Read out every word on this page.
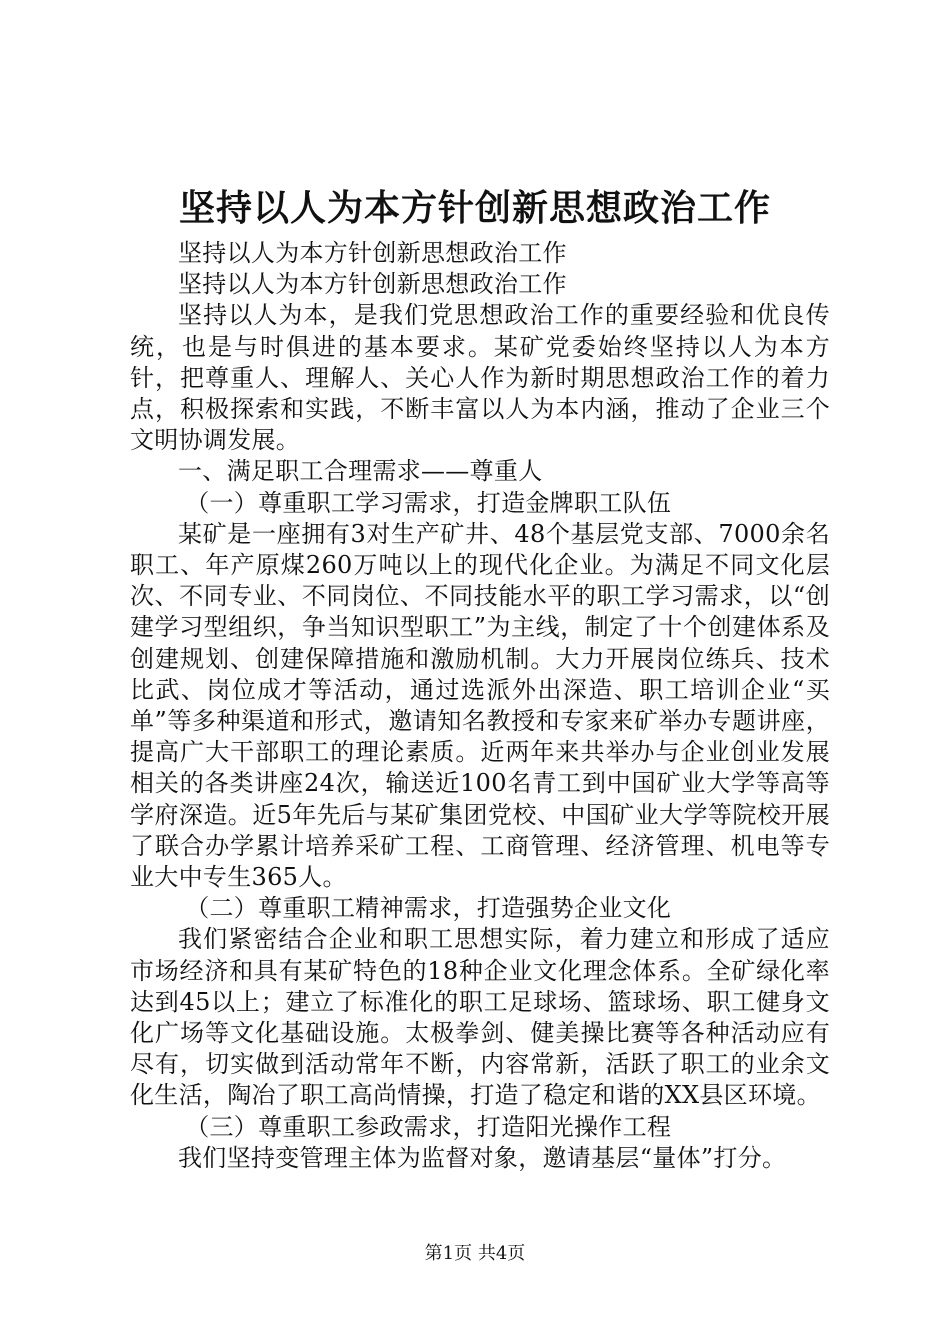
坚持以人为本方针创新思想政治工作

坚持以人为本方针创新思想政治工作

坚持以人为本方针创新思想政治工作

坚持以人为本，是我们党思想政治工作的重要经验和优良传统，也是与时俱进的基本要求。某矿党委始终坚持以人为本方针，把尊重人、理解人、关心人作为新时期思想政治工作的着力点，积极探索和实践，不断丰富以人为本内涵，推动了企业三个文明协调发展。

一、满足职工合理需求——尊重人

（一）尊重职工学习需求，打造金牌职工队伍

某矿是一座拥有3对生产矿井、48个基层党支部、7000余名职工、年产原煤260万吨以上的现代化企业。为满足不同文化层次、不同专业、不同岗位、不同技能水平的职工学习需求，以“创建学习型组织，争当知识型职工”为主线，制定了十个创建体系及创建规划、创建保障措施和激励机制。大力开展岗位练兵、技术比武、岗位成才等活动，通过选派外出深造、职工培训企业“买单”等多种渠道和形式，邀请知名教授和专家来矿举办专题讲座，提高广大干部职工的理论素质。近两年来共举办与企业创业发展相关的各类讲座24次，输送近100名青工到中国矿业大学等高等学府深造。近5年先后与某矿集团党校、中国矿业大学等院校开展了联合办学累计培养采矿工程、工商管理、经济管理、机电等专业大中专生365人。

（二）尊重职工精神需求，打造强势企业文化

我们紧密结合企业和职工思想实际，着力建立和形成了适应市场经济和具有某矿特色的18种企业文化理念体系。全矿绿化率达到45以上；建立了标准化的职工足球场、篮球场、职工健身文化广场等文化基础设施。太极拳剑、健美操比赛等各种活动应有尽有，切实做到活动常年不断，内容常新，活跃了职工的业余文化生活，陶冶了职工高尚情操，打造了稳定和谐的XX县区环境。

（三）尊重职工参政需求，打造阳光操作工程

我们坚持变管理主体为监督对象，邀请基层“量体”打分。

第1页 共4页
